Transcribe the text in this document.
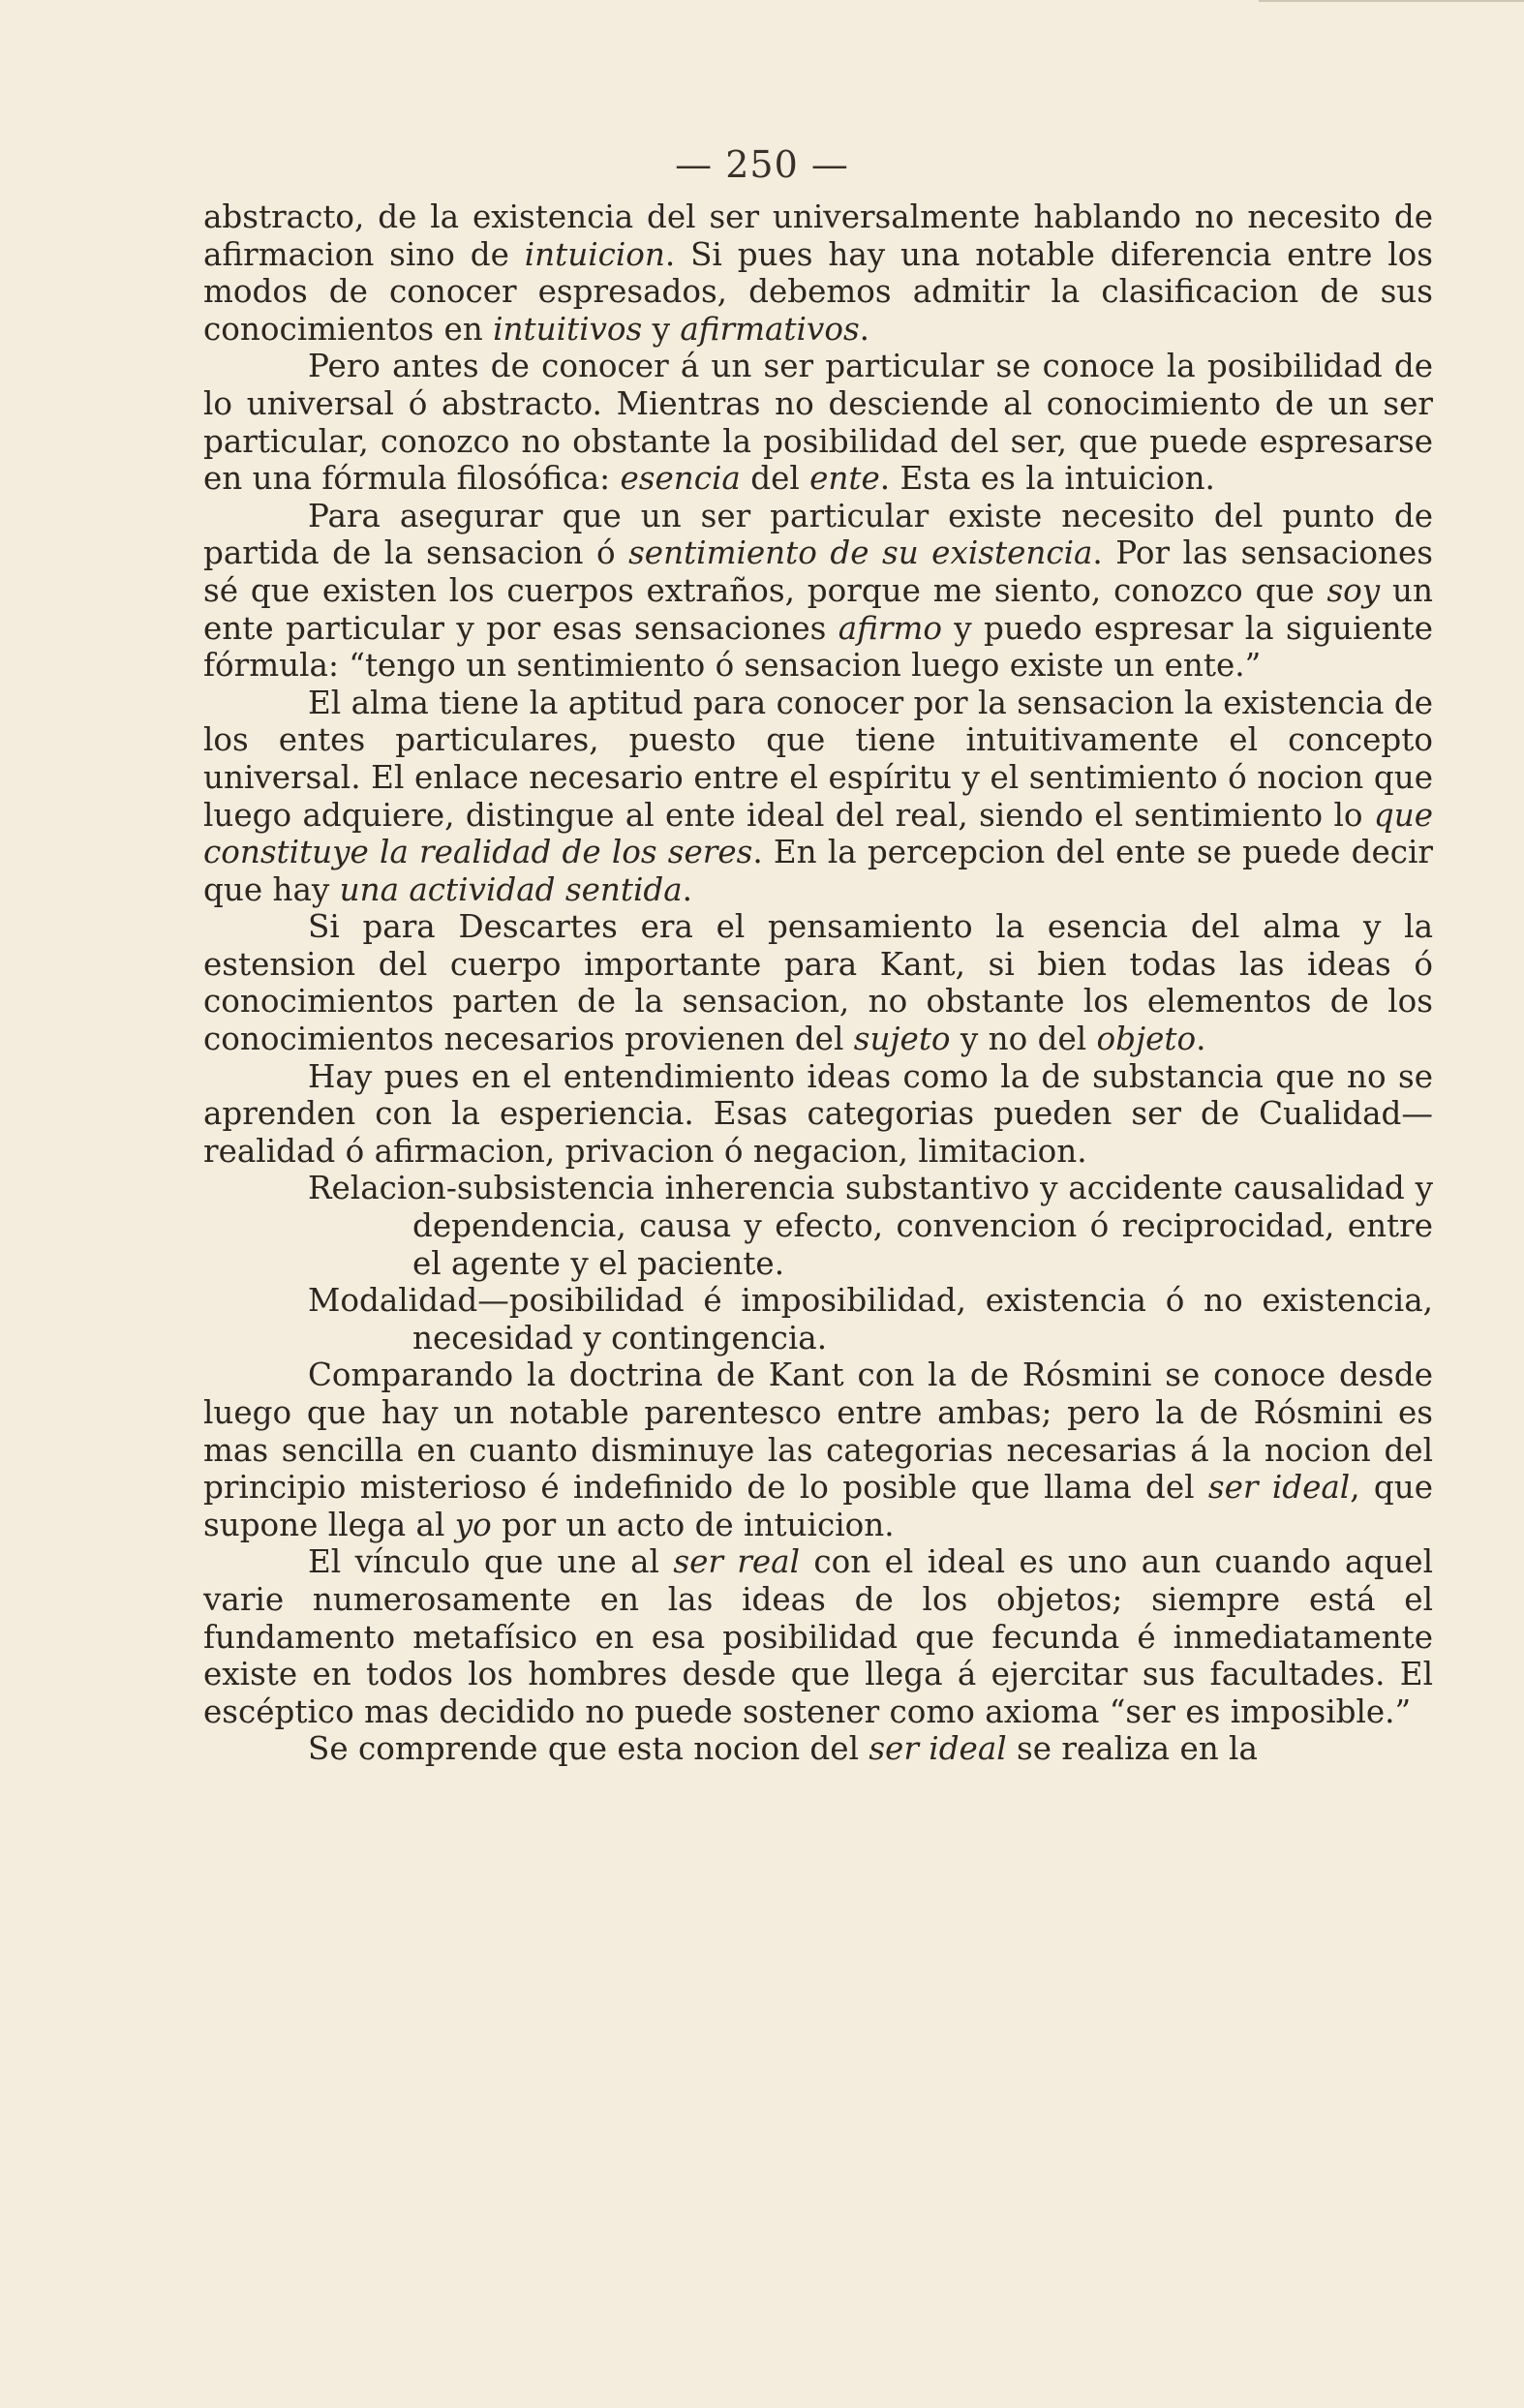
— 250 —

abstracto, de la existencia del ser universalmente hablando no necesito de afirmacion sino de intuicion. Si pues hay una notable diferencia entre los modos de conocer espresados, debemos admitir la clasificacion de sus conocimientos en intuitivos y afirmativos.

Pero antes de conocer á un ser particular se conoce la posibilidad de lo universal ó abstracto. Mientras no desciende al conocimiento de un ser particular, conozco no obstante la posibilidad del ser, que puede espresarse en una fórmula filosófica: esencia del ente. Esta es la intuicion.

Para asegurar que un ser particular existe necesito del punto de partida de la sensacion ó sentimiento de su existencia. Por las sensaciones sé que existen los cuerpos extraños, porque me siento, conozco que soy un ente particular y por esas sensaciones afirmo y puedo espresar la siguiente fórmula: “tengo un sentimiento ó sensacion luego existe un ente.”

El alma tiene la aptitud para conocer por la sensacion la existencia de los entes particulares, puesto que tiene intuitivamente el concepto universal. El enlace necesario entre el espíritu y el sentimiento ó nocion que luego adquiere, distingue al ente ideal del real, siendo el sentimiento lo que constituye la realidad de los seres. En la percepcion del ente se puede decir que hay una actividad sentida.

Si para Descartes era el pensamiento la esencia del alma y la estension del cuerpo importante para Kant, si bien todas las ideas ó conocimientos parten de la sensacion, no obstante los elementos de los conocimientos necesarios provienen del sujeto y no del objeto.

Hay pues en el entendimiento ideas como la de substancia que no se aprenden con la esperiencia. Esas categorias pueden ser de Cualidad—realidad ó afirmacion, privacion ó negacion, limitacion.

Relacion-subsistencia inherencia substantivo y accidente causalidad y dependencia, causa y efecto, convencion ó reciprocidad, entre el agente y el paciente.

Modalidad—posibilidad é imposibilidad, existencia ó no existencia, necesidad y contingencia.

Comparando la doctrina de Kant con la de Rósmini se conoce desde luego que hay un notable parentesco entre ambas; pero la de Rósmini es mas sencilla en cuanto disminuye las categorias necesarias á la nocion del principio misterioso é indefinido de lo posible que llama del ser ideal, que supone llega al yo por un acto de intuicion.

El vínculo que une al ser real con el ideal es uno aun cuando aquel varie numerosamente en las ideas de los objetos; siempre está el fundamento metafísico en esa posibilidad que fecunda é inmediatamente existe en todos los hombres desde que llega á ejercitar sus facultades. El escéptico mas decidido no puede sostener como axioma “ser es imposible.”

Se comprende que esta nocion del ser ideal se realiza en la
